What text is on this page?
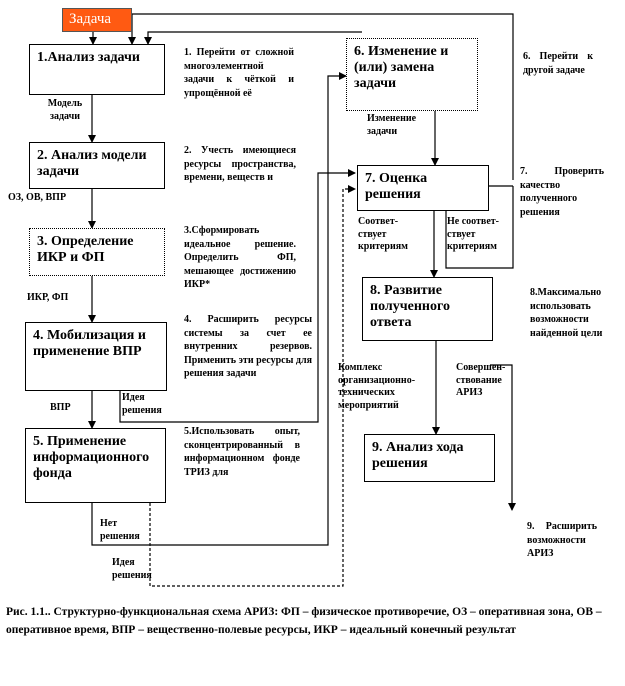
Задача
1.Анализ задачи
2. Анализ модели задачи
3. Определение ИКР и ФП
4. Мобилизация и применение ВПР
5. Применение информационного фонда
6. Изменение и (или) замена задачи
7. Оценка решения
8. Развитие полученного ответа
9. Анализ хода решения
Модель задачи
ОЗ, ОВ, ВПР
ИКР, ФП
ВПР
Идея решения
Нет решения
Идея решения
Изменение задачи
Соответ-ствует критериям
Не соответ-ствует критериям
Комплекс организационно-технических мероприятий
Совершен-ствование АРИЗ
1. Перейти от сложной многоэлементной задачи к чёткой и упрощённой её
2. Учесть имеющиеся ресурсы пространства, времени, веществ и
3.Сформировать идеальное решение. Определить ФП, мешающее достижению ИКР*
4. Расширить ресурсы системы за счет ее внутренних резервов. Применить эти ресурсы для решения задачи
5.Использовать опыт, сконцентрированный в информационном фонде ТРИЗ для
6. Перейти к другой задаче
7. Проверить качество полученного решения
8.Максимально использовать возможности найденной цели
9. Расширить возможности АРИЗ
Рис. 1.1.. Структурно-функциональная схема АРИЗ: ФП – физическое противоречие, ОЗ – оперативная зона, ОВ – оперативное время, ВПР – вещественно-полевые ресурсы, ИКР – идеальный конечный результат
